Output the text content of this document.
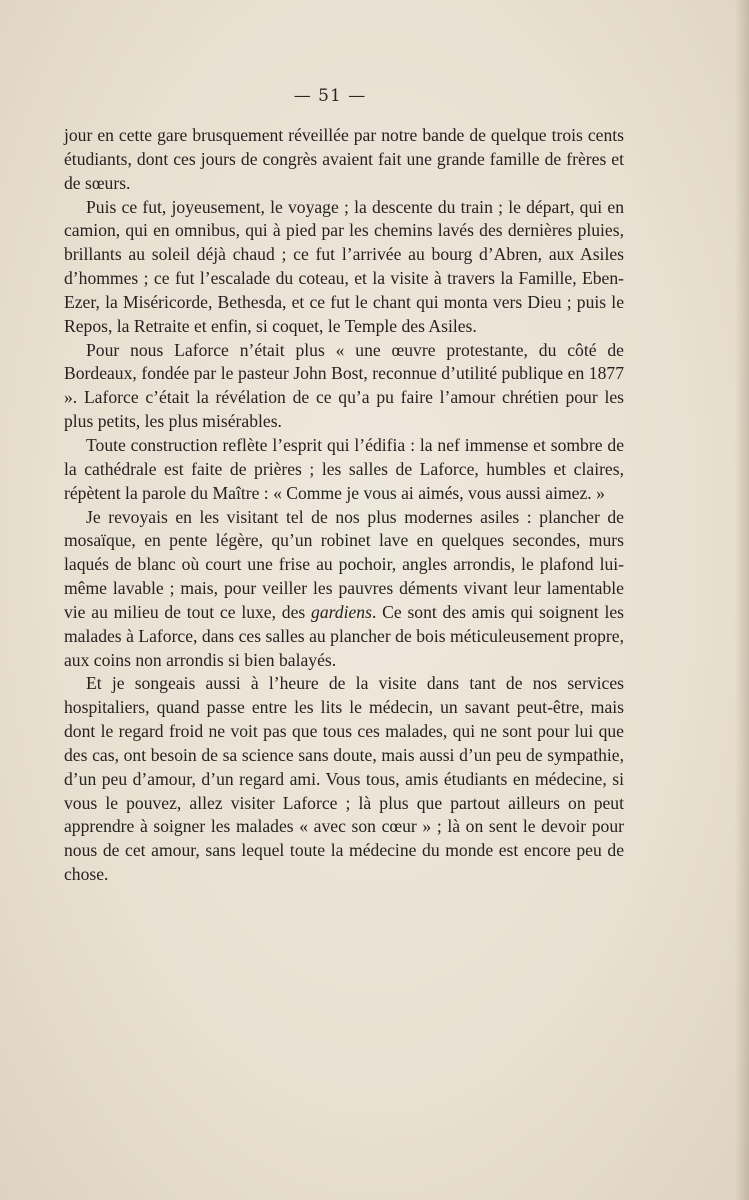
— 51 —

jour en cette gare brusquement réveillée par notre bande de quelque trois cents étudiants, dont ces jours de congrès avaient fait une grande famille de frères et de sœurs.

Puis ce fut, joyeusement, le voyage ; la descente du train ; le départ, qui en camion, qui en omnibus, qui à pied par les chemins lavés des dernières pluies, brillants au soleil déjà chaud ; ce fut l’arrivée au bourg d’Abren, aux Asiles d’hommes ; ce fut l’escalade du coteau, et la visite à travers la Famille, Eben-Ezer, la Miséricorde, Bethesda, et ce fut le chant qui monta vers Dieu ; puis le Repos, la Retraite et enfin, si coquet, le Temple des Asiles.

Pour nous Laforce n’était plus « une œuvre protestante, du côté de Bordeaux, fondée par le pasteur John Bost, reconnue d’utilité publique en 1877 ». Laforce c’était la révélation de ce qu’a pu faire l’amour chrétien pour les plus petits, les plus misérables.

Toute construction reflète l’esprit qui l’édifia : la nef immense et sombre de la cathédrale est faite de prières ; les salles de Laforce, humbles et claires, répètent la parole du Maître : « Comme je vous ai aimés, vous aussi aimez. »

Je revoyais en les visitant tel de nos plus modernes asiles : plancher de mosaïque, en pente légère, qu’un robinet lave en quelques secondes, murs laqués de blanc où court une frise au pochoir, angles arrondis, le plafond lui-même lavable ; mais, pour veiller les pauvres déments vivant leur lamentable vie au milieu de tout ce luxe, des gardiens. Ce sont des amis qui soignent les malades à Laforce, dans ces salles au plancher de bois méticuleusement propre, aux coins non arrondis si bien balayés.

Et je songeais aussi à l’heure de la visite dans tant de nos services hospitaliers, quand passe entre les lits le médecin, un savant peut-être, mais dont le regard froid ne voit pas que tous ces malades, qui ne sont pour lui que des cas, ont besoin de sa science sans doute, mais aussi d’un peu de sympathie, d’un peu d’amour, d’un regard ami. Vous tous, amis étudiants en médecine, si vous le pouvez, allez visiter Laforce ; là plus que partout ailleurs on peut apprendre à soigner les malades « avec son cœur » ; là on sent le devoir pour nous de cet amour, sans lequel toute la médecine du monde est encore peu de chose.
